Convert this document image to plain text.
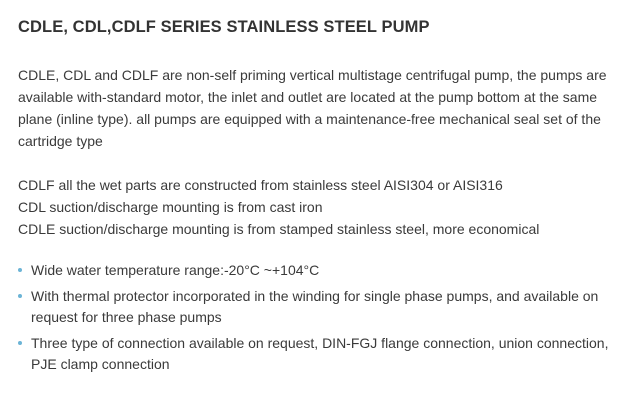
CDLE, CDL,CDLF SERIES STAINLESS STEEL PUMP

CDLE, CDL and CDLF are non-self priming vertical multistage centrifugal pump, the pumps are available with-standard motor, the inlet and outlet are located at the pump bottom at the same plane (inline type). all pumps are equipped with a maintenance-free mechanical seal set of the cartridge type

CDLF all the wet parts are constructed from stainless steel AISI304 or AISI316

CDL suction/discharge mounting is from cast iron

CDLE suction/discharge mounting is from stamped stainless steel, more economical

Wide water temperature range:-20°C ~+104°C
With thermal protector incorporated in the winding for single phase pumps, and available on request for three phase pumps
Three type of connection available on request, DIN-FGJ flange connection, union connection, PJE clamp connection
